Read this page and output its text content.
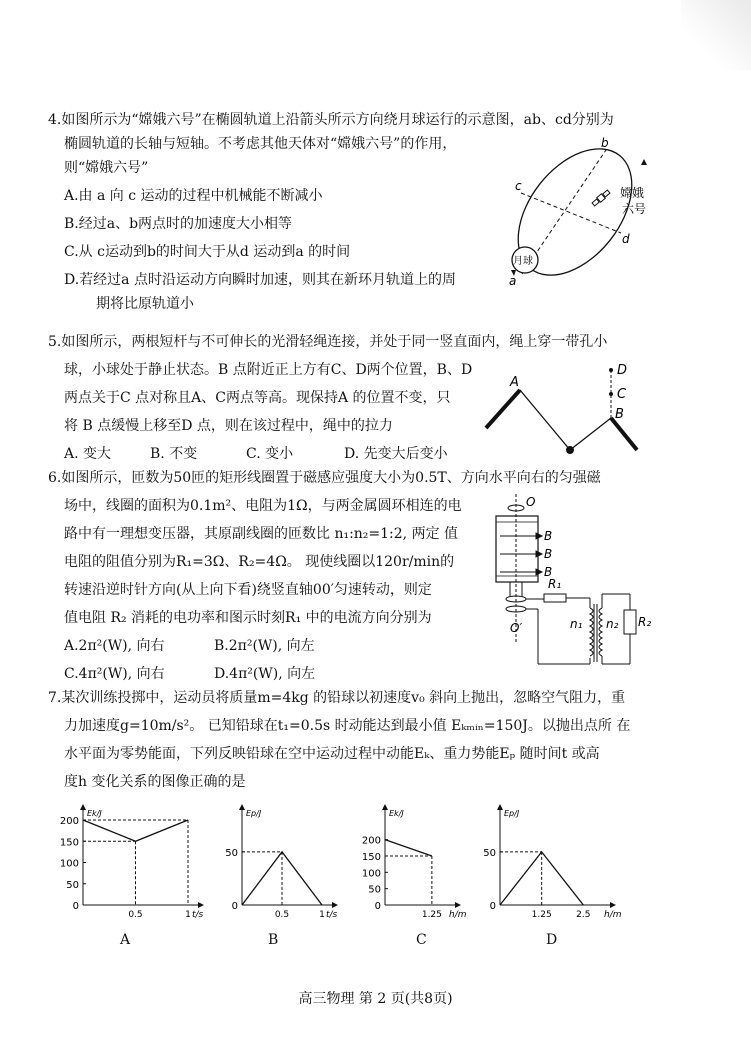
4.如图所示为“嫦娥六号”在椭圆轨道上沿箭头所示方向绕月球运行的示意图，ab、cd分别为
椭圆轨道的长轴与短轴。不考虑其他天体对“嫦娥六号”的作用，
则“嫦娥六号”
A.由 a 向 c 运动的过程中机械能不断减小
B.经过a、b两点时的加速度大小相等
C.从 c运动到b的时间大于从d 运动到a 的时间
D.若经过a 点时沿运动方向瞬时加速，则其在新环月轨道上的周
期将比原轨道小
月球
a
b
c
d
嫦娥
六号
5.如图所示，两根短杆与不可伸长的光滑轻绳连接，并处于同一竖直面内，绳上穿一带孔小
球，小球处于静止状态。B 点附近正上方有C、D两个位置，B、D
两点关于C 点对称且A、C两点等高。现保持A 的位置不变，只
将 B 点缓慢上移至D 点，则在该过程中，绳中的拉力
A. 变大	B. 不变	C. 变小	D. 先变大后变小
A
D
C
B
6.如图所示，匝数为50匝的矩形线圈置于磁感应强度大小为0.5T、方向水平向右的匀强磁
场中，线圈的面积为0.1m²、电阻为1Ω，与两金属圆环相连的电
路中有一理想变压器，其原副线圈的匝数比 n₁:n₂=1:2, 两定 值
电阻的阻值分别为R₁=3Ω、R₂=4Ω。 现使线圈以120r/min的
转速沿逆时针方向(从上向下看)绕竖直轴00′匀速转动，则定
值电阻 R₂ 消耗的电功率和图示时刻R₁ 中的电流方向分别为
A.2π²(W), 向右	B.2π²(W), 向左
C.4π²(W), 向右	D.4π²(W), 向左
O
B
B
B
O′
R₁
n₁ n₂ R₂
7.某次训练投掷中，运动员将质量m=4kg 的铅球以初速度v₀ 斜向上抛出，忽略空气阻力，重
力加速度g=10m/s²。 已知铅球在t₁=0.5s 时动能达到最小值 Eₖₘᵢₙ=150J。以抛出点所 在
水平面为零势能面，下列反映铅球在空中运动过程中动能Eₖ、重力势能Eₚ 随时间t 或高
度h 变化关系的图像正确的是
Ek/J
t/s
200
150
100
50
0
0.5	1
Ep/J
t/s
50
0
0.5	1
Ek/J
h/m
200
150
100
50
0
1.25
Ep/J
h/m
50
0
1.25	2.5
A	B	C	D
高三物理 第 2 页(共8页)
